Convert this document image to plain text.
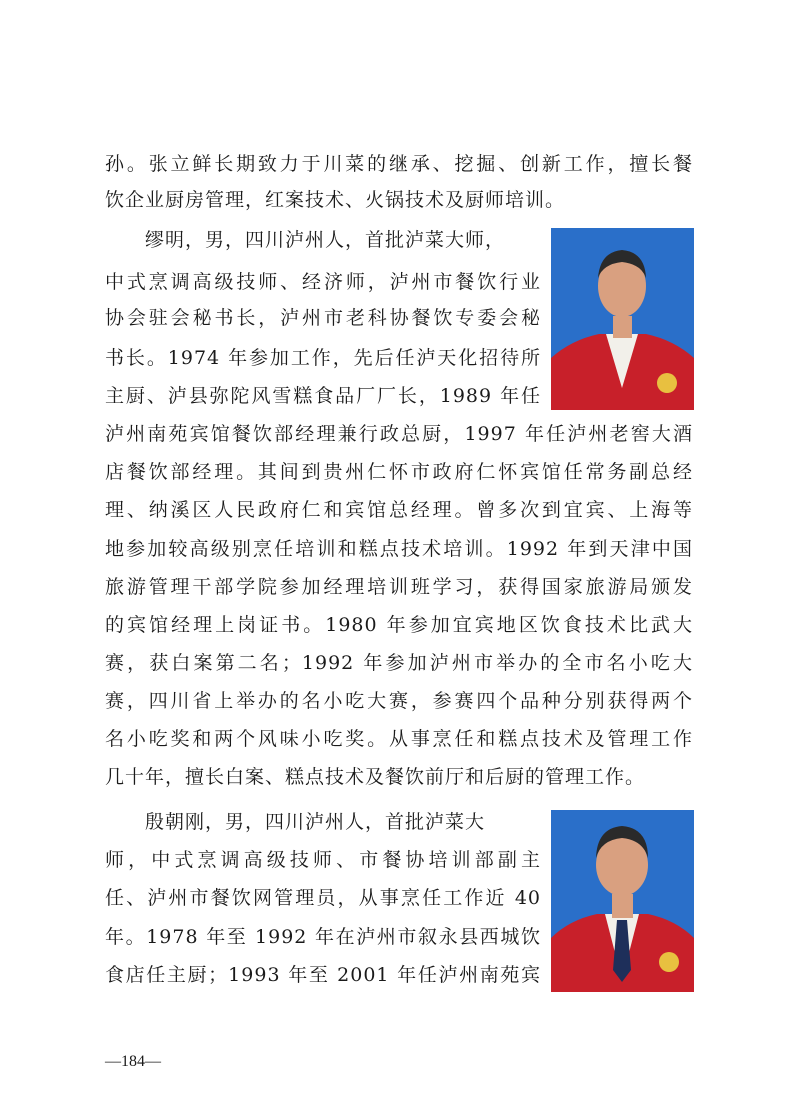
孙。张立鲜长期致力于川菜的继承、挖掘、创新工作，擅长餐
饮企业厨房管理，红案技术、火锅技术及厨师培训。
缪明，男，四川泸州人，首批泸菜大师，
中式烹调高级技师、经济师，泸州市餐饮行业
协会驻会秘书长，泸州市老科协餐饮专委会秘
书长。1974 年参加工作，先后任泸天化招待所
主厨、泸县弥陀风雪糕食品厂厂长，1989 年任
泸州南苑宾馆餐饮部经理兼行政总厨，1997 年任泸州老窖大酒
店餐饮部经理。其间到贵州仁怀市政府仁怀宾馆任常务副总经
理、纳溪区人民政府仁和宾馆总经理。曾多次到宜宾、上海等
地参加较高级别烹任培训和糕点技术培训。1992 年到天津中国
旅游管理干部学院参加经理培训班学习，获得国家旅游局颁发
的宾馆经理上岗证书。1980 年参加宜宾地区饮食技术比武大
赛，获白案第二名；1992 年参加泸州市举办的全市名小吃大
赛，四川省上举办的名小吃大赛，参赛四个品种分别获得两个
名小吃奖和两个风味小吃奖。从事烹任和糕点技术及管理工作
几十年，擅长白案、糕点技术及餐饮前厅和后厨的管理工作。
殷朝刚，男，四川泸州人，首批泸菜大
师，中式烹调高级技师、市餐协培训部副主
任、泸州市餐饮网管理员，从事烹任工作近 40
年。1978 年至 1992 年在泸州市叙永县西城饮
食店任主厨；1993 年至 2001 年任泸州南苑宾
—184—
